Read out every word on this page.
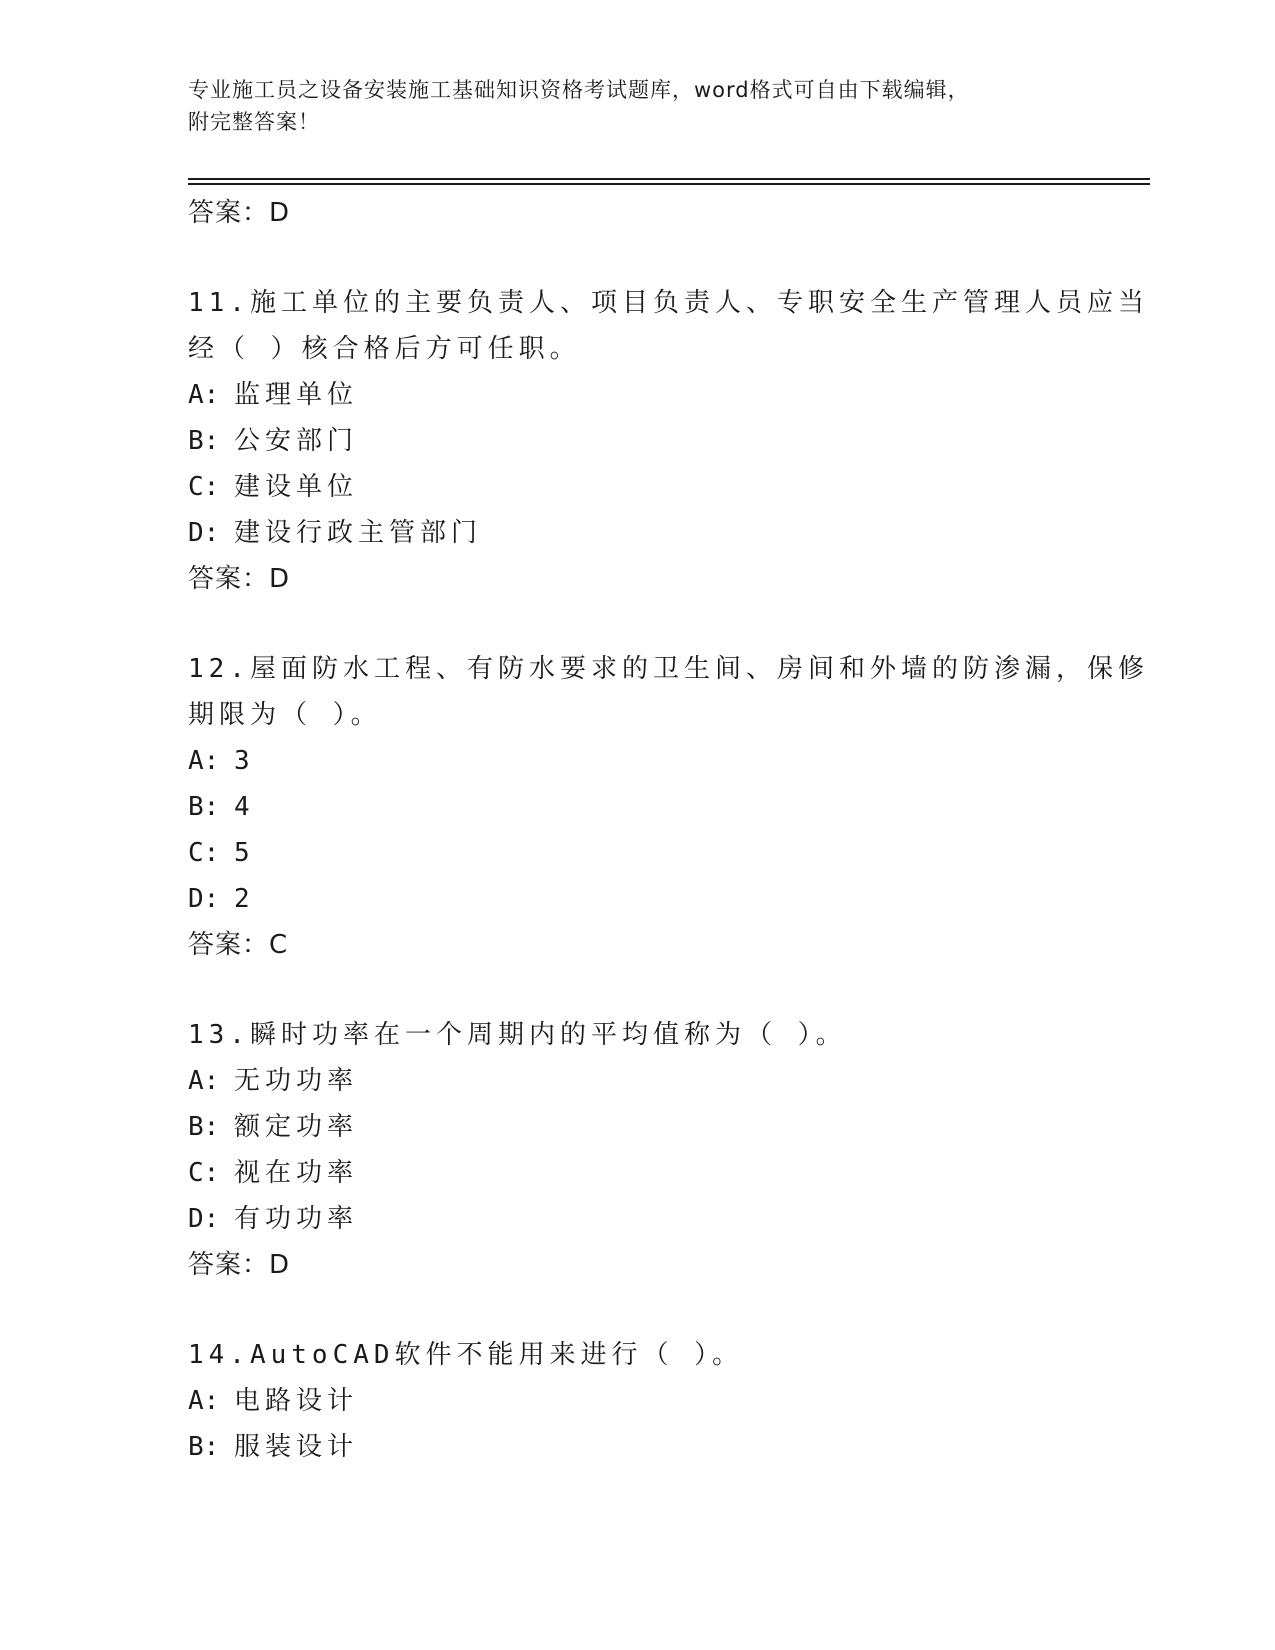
专业施工员之设备安装施工基础知识资格考试题库，word格式可自由下载编辑，
附完整答案！
答案：D
11.施工单位的主要负责人、项目负责人、专职安全生产管理人员应当
经（ ）核合格后方可任职。
A: 监理单位
B: 公安部门
C: 建设单位
D: 建设行政主管部门
答案：D
12.屋面防水工程、有防水要求的卫生间、房间和外墙的防渗漏，保修
期限为（ ）。
A: 3
B: 4
C: 5
D: 2
答案：C
13.瞬时功率在一个周期内的平均值称为（ ）。
A: 无功功率
B: 额定功率
C: 视在功率
D: 有功功率
答案：D
14.AutoCAD软件不能用来进行（ ）。
A: 电路设计
B: 服装设计
